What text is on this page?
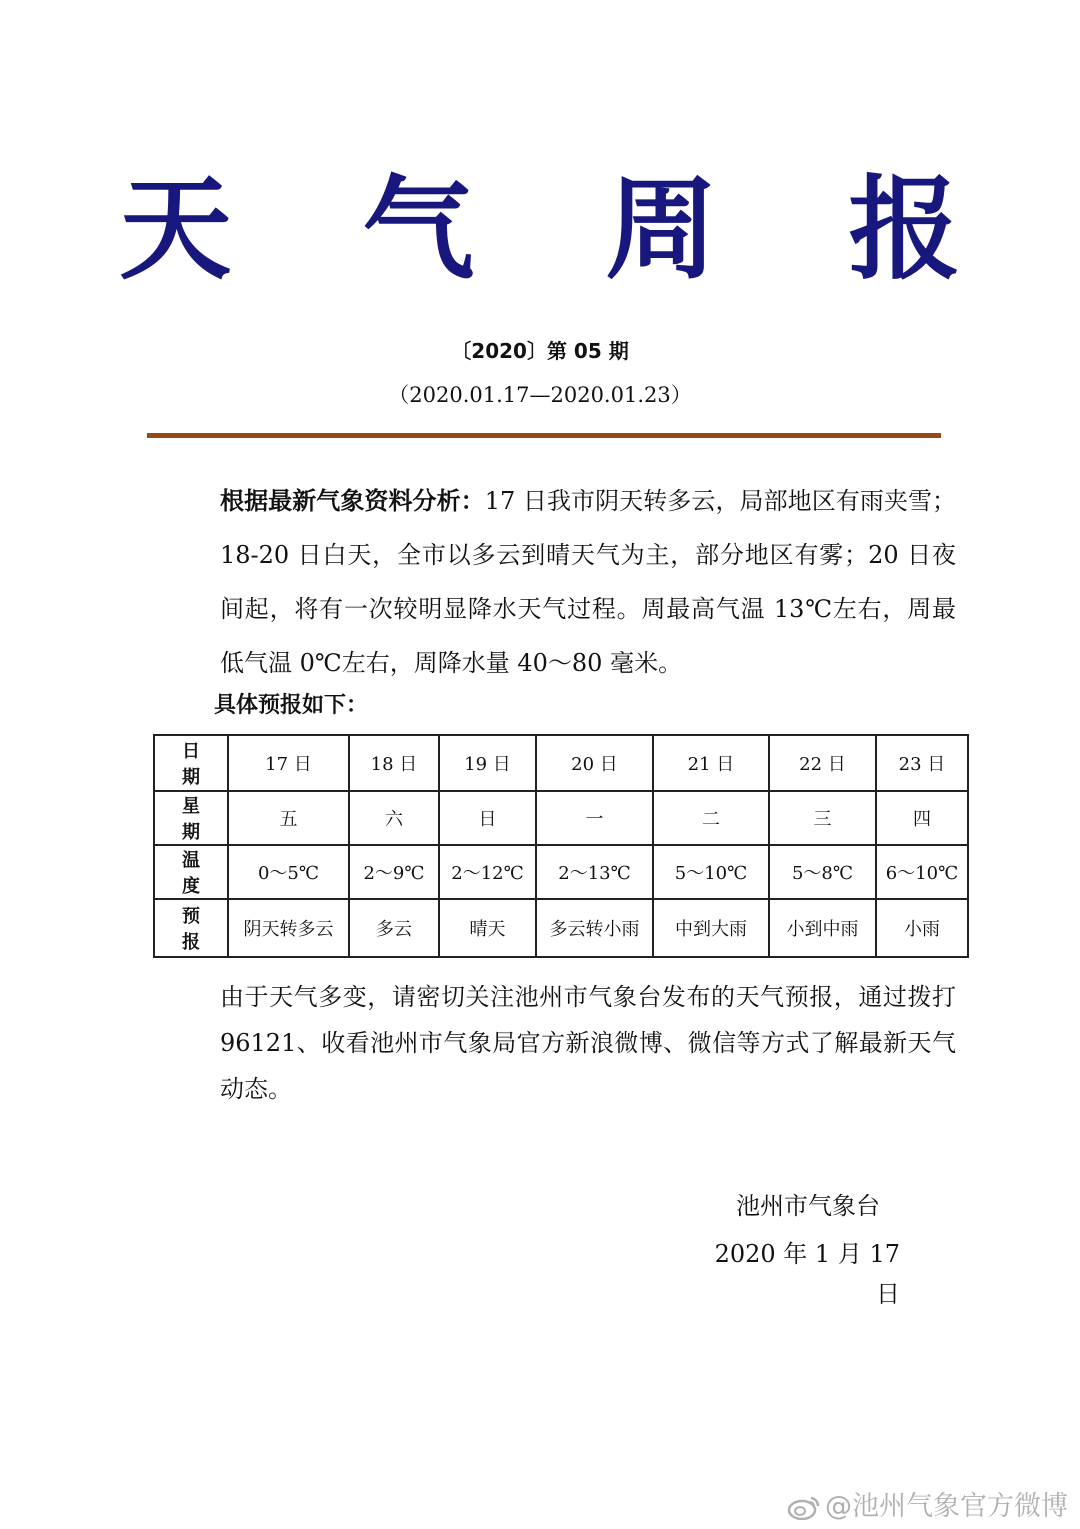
天 气 周 报
〔2020〕第 05 期
（2020.01.17—2020.01.23）

根据最新气象资料分析：17 日我市阴天转多云，局部地区有雨夹雪；18-20 日白天，全市以多云到晴天气为主，部分地区有雾；20 日夜间起，将有一次较明显降水天气过程。周最高气温 13℃左右，周最低气温 0℃左右，周降水量 40～80 毫米。

具体预报如下：
日 期	17 日	18 日	19 日	20 日	21 日	22 日	23 日
星 期	五	六	日	一	二	三	四
温 度	0～5℃	2～9℃	2～12℃	2～13℃	5～10℃	5～8℃	6～10℃
预 报	阴天转多云	多云	晴天	多云转小雨	中到大雨	小到中雨	小雨

由于天气多变，请密切关注池州市气象台发布的天气预报，通过拨打96121、收看池州市气象局官方新浪微博、微信等方式了解最新天气动态。

池州市气象台
2020 年 1 月 17 日
@池州气象官方微博
